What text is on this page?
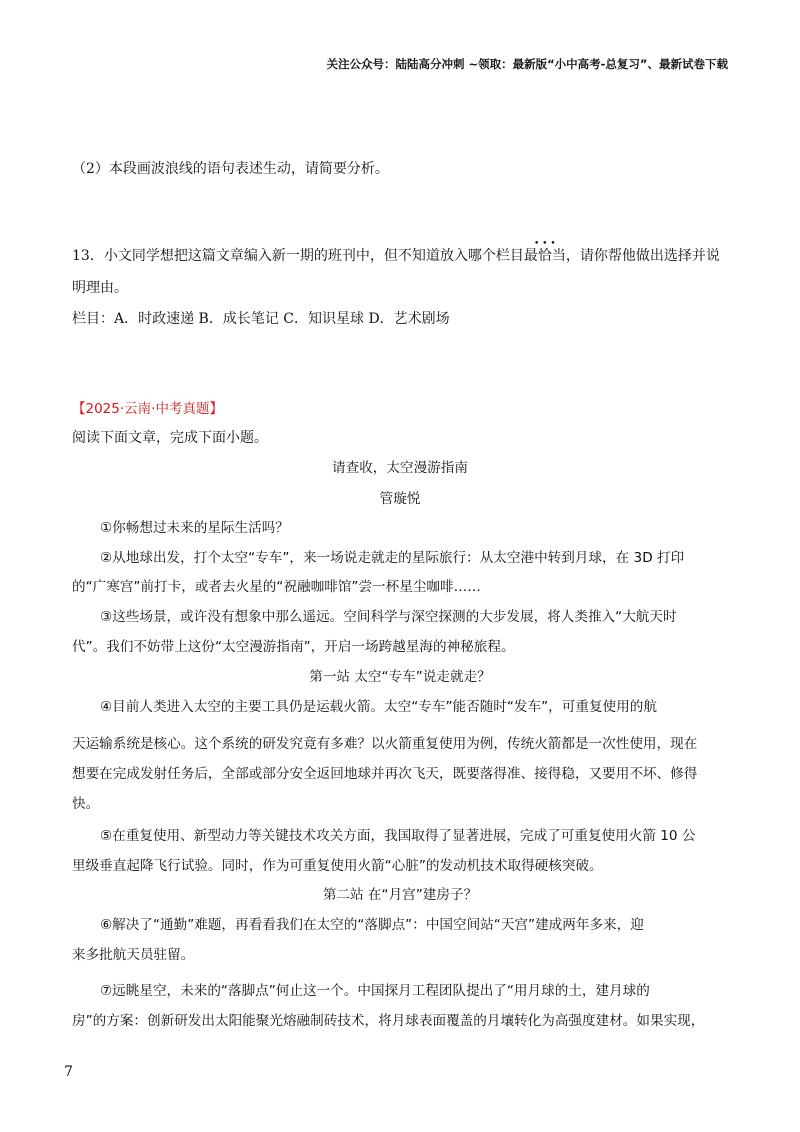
关注公众号：陆陆高分冲刺 ~领取：最新版“小中高考-总复习”、最新试卷下载
（2）本段画波浪线的语句表述生动，请简要分析。
13．小文同学想把这篇文章编入新一期的班刊中，但不知道放入哪个栏目• • • 最恰当，请你帮他做出选择并说
明理由。
栏目：A．时政速递 B．成长笔记 C．知识星球 D．艺术剧场
【2025·云南·中考真题】
阅读下面文章，完成下面小题。
请查收，太空漫游指南
管璇悦
①你畅想过未来的星际生活吗？
②从地球出发，打个太空“专车”，来一场说走就走的星际旅行：从太空港中转到月球，在 3D 打印
的“广寒宫”前打卡，或者去火星的“祝融咖啡馆”尝一杯星尘咖啡……
③这些场景，或许没有想象中那么遥远。空间科学与深空探测的大步发展，将人类推入“大航天时
代”。我们不妨带上这份“太空漫游指南”，开启一场跨越星海的神秘旅程。
第一站 太空“专车”说走就走？
④目前人类进入太空的主要工具仍是运载火箭。太空“专车”能否随时“发车”，可重复使用的航
天运输系统是核心。这个系统的研发究竟有多难？以火箭重复使用为例，传统火箭都是一次性使用，现在
想要在完成发射任务后，全部或部分安全返回地球并再次飞天，既要落得准、接得稳，又要用不坏、修得
快。
⑤在重复使用、新型动力等关键技术攻关方面，我国取得了显著进展，完成了可重复使用火箭 10 公
里级垂直起降飞行试验。同时，作为可重复使用火箭“心脏”的发动机技术取得硬核突破。
第二站 在“月宫”建房子？
⑥解决了“通勤”难题，再看看我们在太空的“落脚点”：中国空间站“天宫”建成两年多来，迎
来多批航天员驻留。
⑦远眺星空，未来的“落脚点”何止这一个。中国探月工程团队提出了“用月球的土，建月球的
房”的方案：创新研发出太阳能聚光熔融制砖技术，将月球表面覆盖的月壤转化为高强度建材。如果实现，
7
